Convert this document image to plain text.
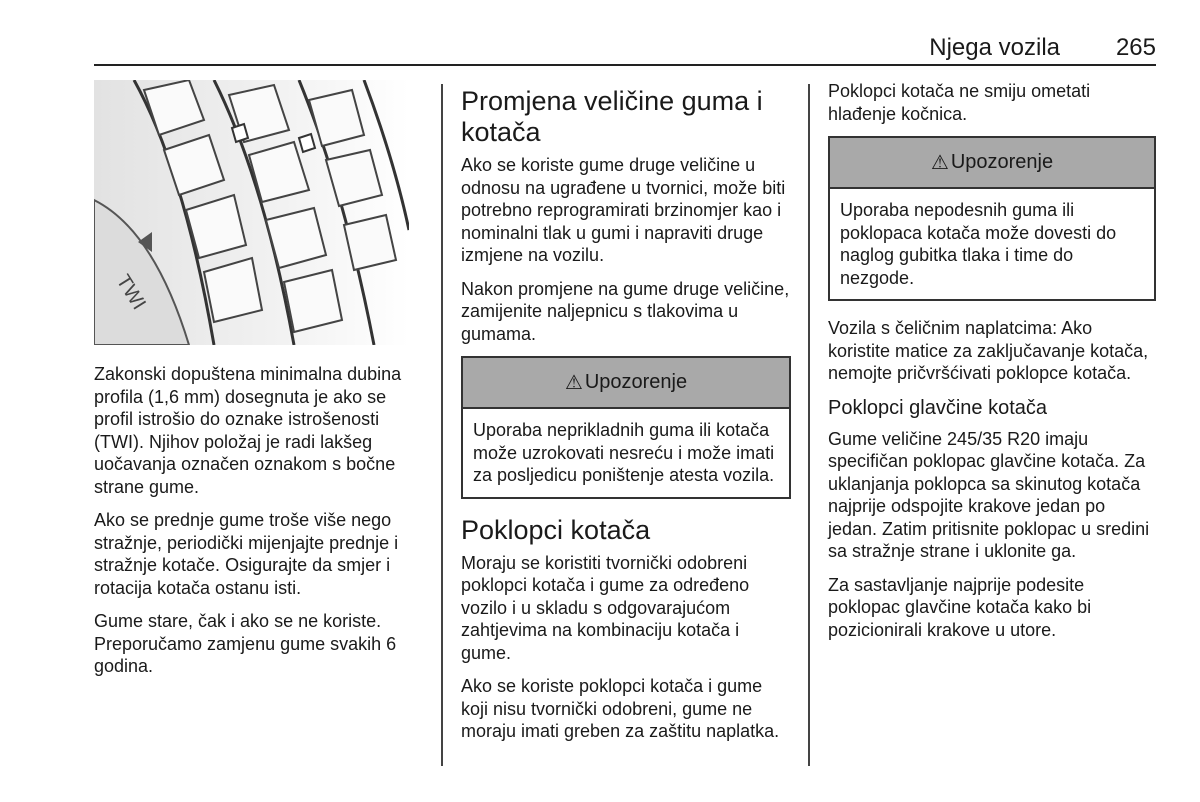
Njega vozila	265
TWI

Zakonski dopuštena minimalna dubina profila (1,6 mm) dosegnuta je ako se profil istrošio do oznake istrošenosti (TWI). Njihov položaj je radi lakšeg uočavanja označen oznakom s bočne strane gume.

Ako se prednje gume troše više nego stražnje, periodički mijenjajte prednje i stražnje kotače. Osigurajte da smjer i rotacija kotača ostanu isti.

Gume stare, čak i ako se ne koriste. Preporučamo zamjenu gume svakih 6 godina.

Promjena veličine guma i kotača

Ako se koriste gume druge veličine u odnosu na ugrađene u tvornici, može biti potrebno reprogramirati brzinomjer kao i nominalni tlak u gumi i napraviti druge izmjene na vozilu.

Nakon promjene na gume druge veličine, zamijenite naljepnicu s tlakovima u gumama.

⚠ Upozorenje

Uporaba neprikladnih guma ili kotača može uzrokovati nesreću i može imati za posljedicu poništenje atesta vozila.

Poklopci kotača

Moraju se koristiti tvornički odobreni poklopci kotača i gume za određeno vozilo i u skladu s odgovarajućom zahtjevima na kombinaciju kotača i gume.

Ako se koriste poklopci kotača i gume koji nisu tvornički odobreni, gume ne moraju imati greben za zaštitu naplatka.

Poklopci kotača ne smiju ometati hlađenje kočnica.

⚠ Upozorenje

Uporaba nepodesnih guma ili poklopaca kotača može dovesti do naglog gubitka tlaka i time do nezgode.

Vozila s čeličnim naplatcima: Ako koristite matice za zaključavanje kotača, nemojte pričvršćivati poklopce kotača.

Poklopci glavčine kotača

Gume veličine 245/35 R20 imaju specifičan poklopac glavčine kotača. Za uklanjanja poklopca sa skinutog kotača najprije odspojite krakove jedan po jedan. Zatim pritisnite poklopac u sredini sa stražnje strane i uklonite ga.

Za sastavljanje najprije podesite poklopac glavčine kotača kako bi pozicionirali krakove u utore.
